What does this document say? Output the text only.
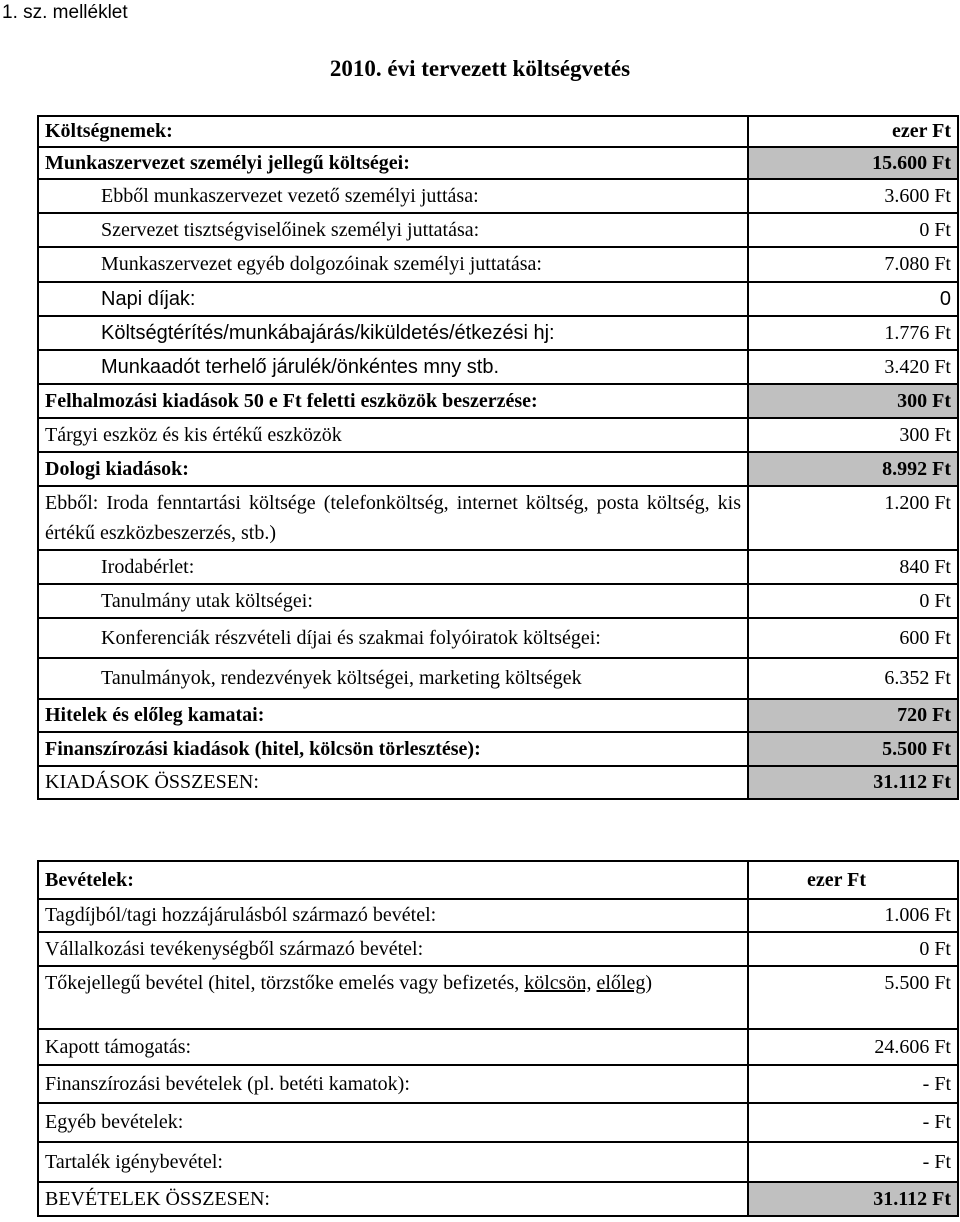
1. sz. melléklet
2010. évi tervezett költségvetés
Költségnemek:	ezer Ft
Munkaszervezet személyi jellegű költségei:	15.600 Ft
Ebből munkaszervezet vezető személyi juttása:	3.600 Ft
Szervezet tisztségviselőinek személyi juttatása:	0 Ft
Munkaszervezet egyéb dolgozóinak személyi juttatása:	7.080 Ft
Napi díjak:	0
Költségtérítés/munkábajárás/kiküldetés/étkezési hj:	1.776 Ft
Munkaadót terhelő járulék/önkéntes mny stb.	3.420 Ft
Felhalmozási kiadások 50 e Ft feletti eszközök beszerzése:	300 Ft
Tárgyi eszköz és kis értékű eszközök	300 Ft
Dologi kiadások:	8.992 Ft
Ebből: Iroda fenntartási költsége (telefonköltség, internet költség, posta költség, kis értékű eszközbeszerzés, stb.)	1.200 Ft
Irodabérlet:	840 Ft
Tanulmány utak költségei:	0 Ft
Konferenciák részvételi díjai és szakmai folyóiratok költségei:	600 Ft
Tanulmányok, rendezvények költségei, marketing költségek	6.352 Ft
Hitelek és előleg kamatai:	720 Ft
Finanszírozási kiadások (hitel, kölcsön törlesztése):	5.500 Ft
KIADÁSOK ÖSSZESEN:	31.112 Ft
Bevételek:	ezer Ft
Tagdíjból/tagi hozzájárulásból származó bevétel:	1.006 Ft
Vállalkozási tevékenységből származó bevétel:	0 Ft
Tőkejellegű bevétel (hitel, törzstőke emelés vagy befizetés, kölcsön, előleg)	5.500 Ft
Kapott támogatás:	24.606 Ft
Finanszírozási bevételek (pl. betéti kamatok):	- Ft
Egyéb bevételek:	- Ft
Tartalék igénybevétel:	- Ft
BEVÉTELEK ÖSSZESEN:	31.112 Ft
